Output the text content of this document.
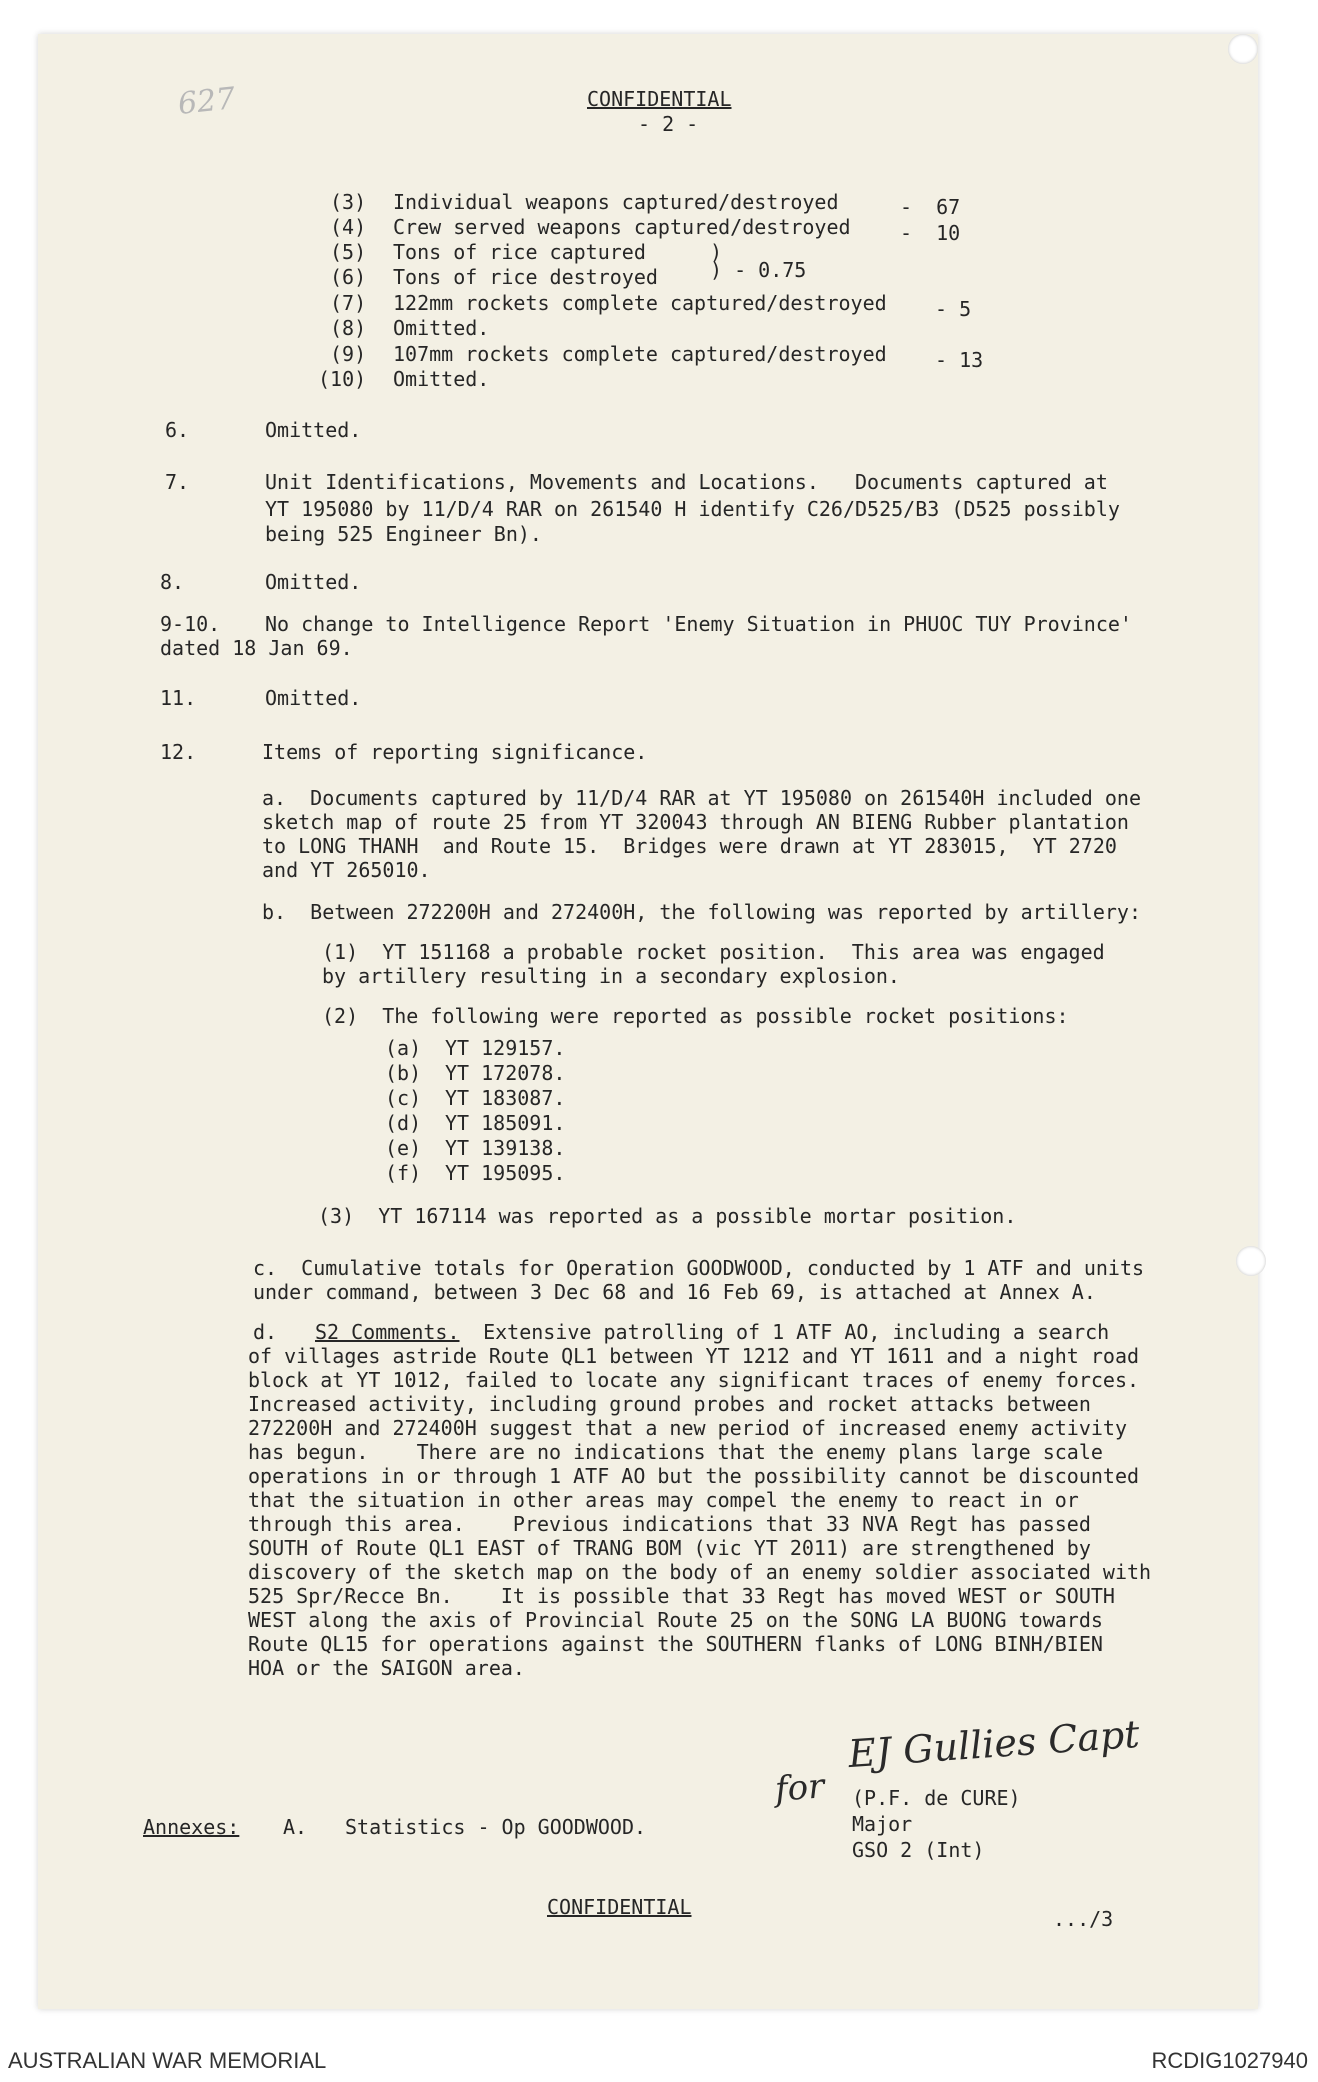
627	CONFIDENTIAL
- 2 -
(3) Individual weapons captured/destroyed	-  67
(4) Crew served weapons captured/destroyed -  10
(5) Tons of rice captured	)
(6) Tons of rice destroyed	) - 0.75
(7) 122mm rockets complete captured/destroyed - 5
(8) Omitted.
(9) 107mm rockets complete captured/destroyed - 13
(10) Omitted.
6.	Omitted.
7.	Unit Identifications, Movements and Locations.   Documents captured at
YT 195080 by 11/D/4 RAR on 261540 H identify C26/D525/B3 (D525 possibly
being 525 Engineer Bn).
8.	Omitted.
9-10. No change to Intelligence Report 'Enemy Situation in PHUOC TUY Province'
dated 18 Jan 69.
11.	Omitted.
12.	Items of reporting significance.
a.  Documents captured by 11/D/4 RAR at YT 195080 on 261540H included one
sketch map of route 25 from YT 320043 through AN BIENG Rubber plantation
to LONG THANH  and Route 15.  Bridges were drawn at YT 283015,  YT 2720
and YT 265010.
b.  Between 272200H and 272400H, the following was reported by artillery:
(1)  YT 151168 a probable rocket position.  This area was engaged
by artillery resulting in a secondary explosion.
(2)  The following were reported as possible rocket positions:
(a) YT 129157.
(b) YT 172078.
(c) YT 183087.
(d) YT 185091.
(e) YT 139138.
(f) YT 195095.
(3)  YT 167114 was reported as a possible mortar position.
c.  Cumulative totals for Operation GOODWOOD, conducted by 1 ATF and units
under command, between 3 Dec 68 and 16 Feb 69, is attached at Annex A.
d. S2 Comments. Extensive patrolling of 1 ATF AO, including a search
of villages astride Route QL1 between YT 1212 and YT 1611 and a night road
block at YT 1012, failed to locate any significant traces of enemy forces.
Increased activity, including ground probes and rocket attacks between
272200H and 272400H suggest that a new period of increased enemy activity
has begun.    There are no indications that the enemy plans large scale
operations in or through 1 ATF AO but the possibility cannot be discounted
that the situation in other areas may compel the enemy to react in or
through this area.    Previous indications that 33 NVA Regt has passed
SOUTH of Route QL1 EAST of TRANG BOM (vic YT 2011) are strengthened by
discovery of the sketch map on the body of an enemy soldier associated with
525 Spr/Recce Bn.    It is possible that 33 Regt has moved WEST or SOUTH
WEST along the axis of Provincial Route 25 on the SONG LA BUONG towards
Route QL15 for operations against the SOUTHERN flanks of LONG BINH/BIEN
HOA or the SAIGON area.
EJ Gullies Capt
for (P.F. de CURE)
Major
GSO 2 (Int)
Annexes: A. Statistics - Op GOODWOOD.
CONFIDENTIAL	.../3
AUSTRALIAN WAR MEMORIAL	RCDIG1027940
